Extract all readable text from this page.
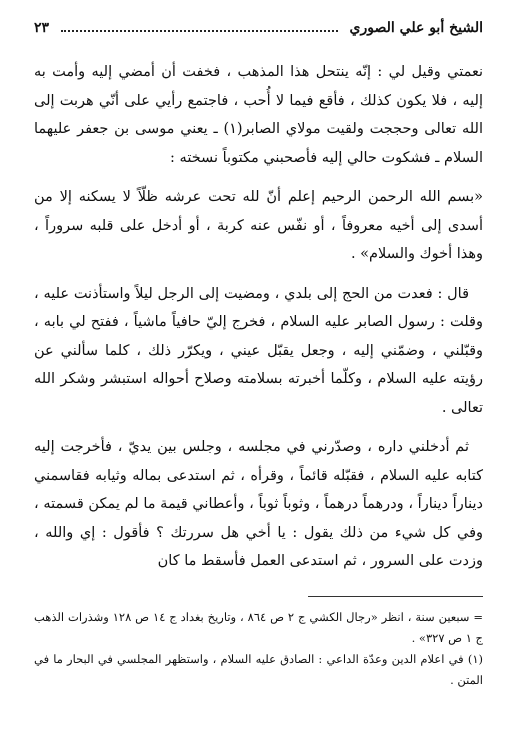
الشيخ أبو علي الصوري
٢٣

نعمتي وقيل لي : إنّه ينتحل هذا المذهب ، فخفت أن أمضي إليه وأمت به إليه ، فلا يكون كذلك ، فأقع فيما لا أُحب ، فاجتمع رأيي على أنّي هربت إلى الله تعالى وحججت ولقيت مولاي الصابر(١) ـ يعني موسى بن جعفر عليهما السلام ـ فشكوت حالي إليه فأصحبني مكتوباً نسخته :

«بسم الله الرحمن الرحيم إعلم أنّ لله تحت عرشه ظلّاً لا يسكنه إلا من أسدى إلى أخيه معروفاً ، أو نفّس عنه كربة ، أو أدخل على قلبه سروراً ، وهذا أخوك والسلام» .

قال : فعدت من الحج إلى بلدي ، ومضيت إلى الرجل ليلاً واستأذنت عليه ، وقلت : رسول الصابر عليه السلام ، فخرج إليّ حافياً ماشياً ، ففتح لي بابه ، وقبّلني ، وضمّني إليه ، وجعل يقبّل عيني ، ويكرّر ذلك ، كلما سألني عن رؤيته عليه السلام ، وكلّما أخبرته بسلامته وصلاح أحواله استبشر وشكر الله تعالى .

ثم أدخلني داره ، وصدّرني في مجلسه ، وجلس بين يديّ ، فأخرجت إليه كتابه عليه السلام ، فقبّله قائماً ، وقرأه ، ثم استدعى بماله وثيابه فقاسمني ديناراً ديناراً ، ودرهماً درهماً ، وثوباً ثوباً ، وأعطاني قيمة ما لم يمكن قسمته ، وفي كل شيء من ذلك يقول : يا أخي هل سررتك ؟ فأقول : إي والله ، وزدت على السرور ، ثم استدعى العمل فأسقط ما كان

= سبعين سنة ، انظر «رجال الكشي ج ٢ ص ٨٦٤ ، وتاريخ بغداد ج ١٤ ص ١٢٨ وشذرات الذهب ج ١ ص ٣٢٧» .

(١) في اعلام الدين وعدّة الداعي : الصادق عليه السلام ، واستظهر المجلسي في البحار ما في المتن .
